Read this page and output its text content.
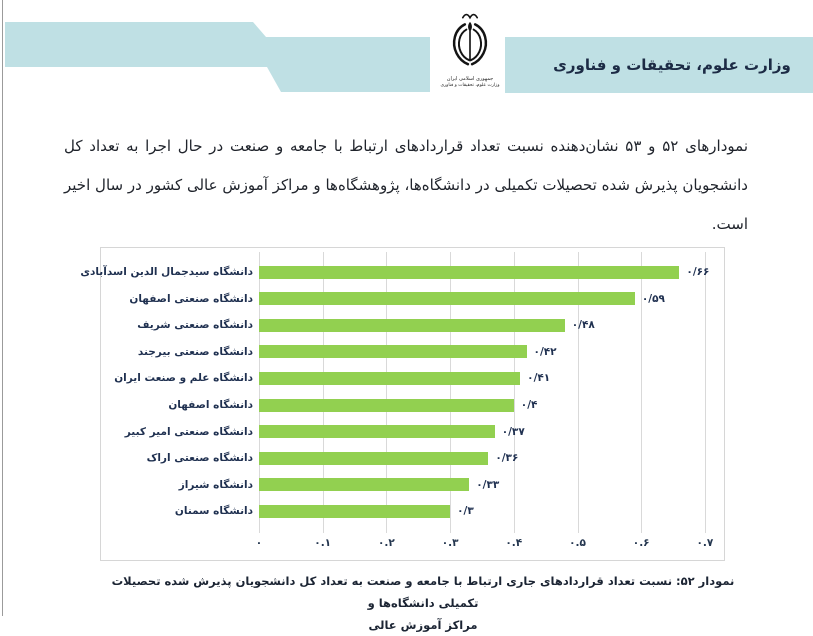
وزارت علوم، تحقیقات و فناوری
جمهوری اسلامی ایران
وزارت علوم، تحقیقات و فناوری
نمودارهای ۵۲ و ۵۳ نشان‌دهنده نسبت تعداد قراردادهای ارتباط با جامعه و صنعت در حال اجرا به تعداد کل
دانشجویان پذیرش شده تحصیلات تکمیلی در دانشگاه‌ها، پژوهشگاه‌ها و مراکز آموزش عالی کشور در سال اخیر
است.
۰	۰.۱	۰.۲	۰.۳	۰.۴	۰.۵	۰.۶	۰.۷
دانشگاه سیدجمال الدین اسدآبادی	۰/۶۶
دانشگاه صنعتی اصفهان	۰/۵۹
دانشگاه صنعتی شریف	۰/۴۸
دانشگاه صنعتی بیرجند	۰/۴۲
دانشگاه علم و صنعت ایران	۰/۴۱
دانشگاه اصفهان	۰/۴
دانشگاه صنعتی امیر کبیر	۰/۳۷
دانشگاه صنعتی اراک	۰/۳۶
دانشگاه شیراز	۰/۳۳
دانشگاه سمنان	۰/۳
نمودار ۵۲: نسبت تعداد قراردادهای جاری ارتباط با جامعه و صنعت به تعداد کل دانشجویان پذیرش شده تحصیلات تکمیلی دانشگاه‌ها و
مراکز آموزش عالی
